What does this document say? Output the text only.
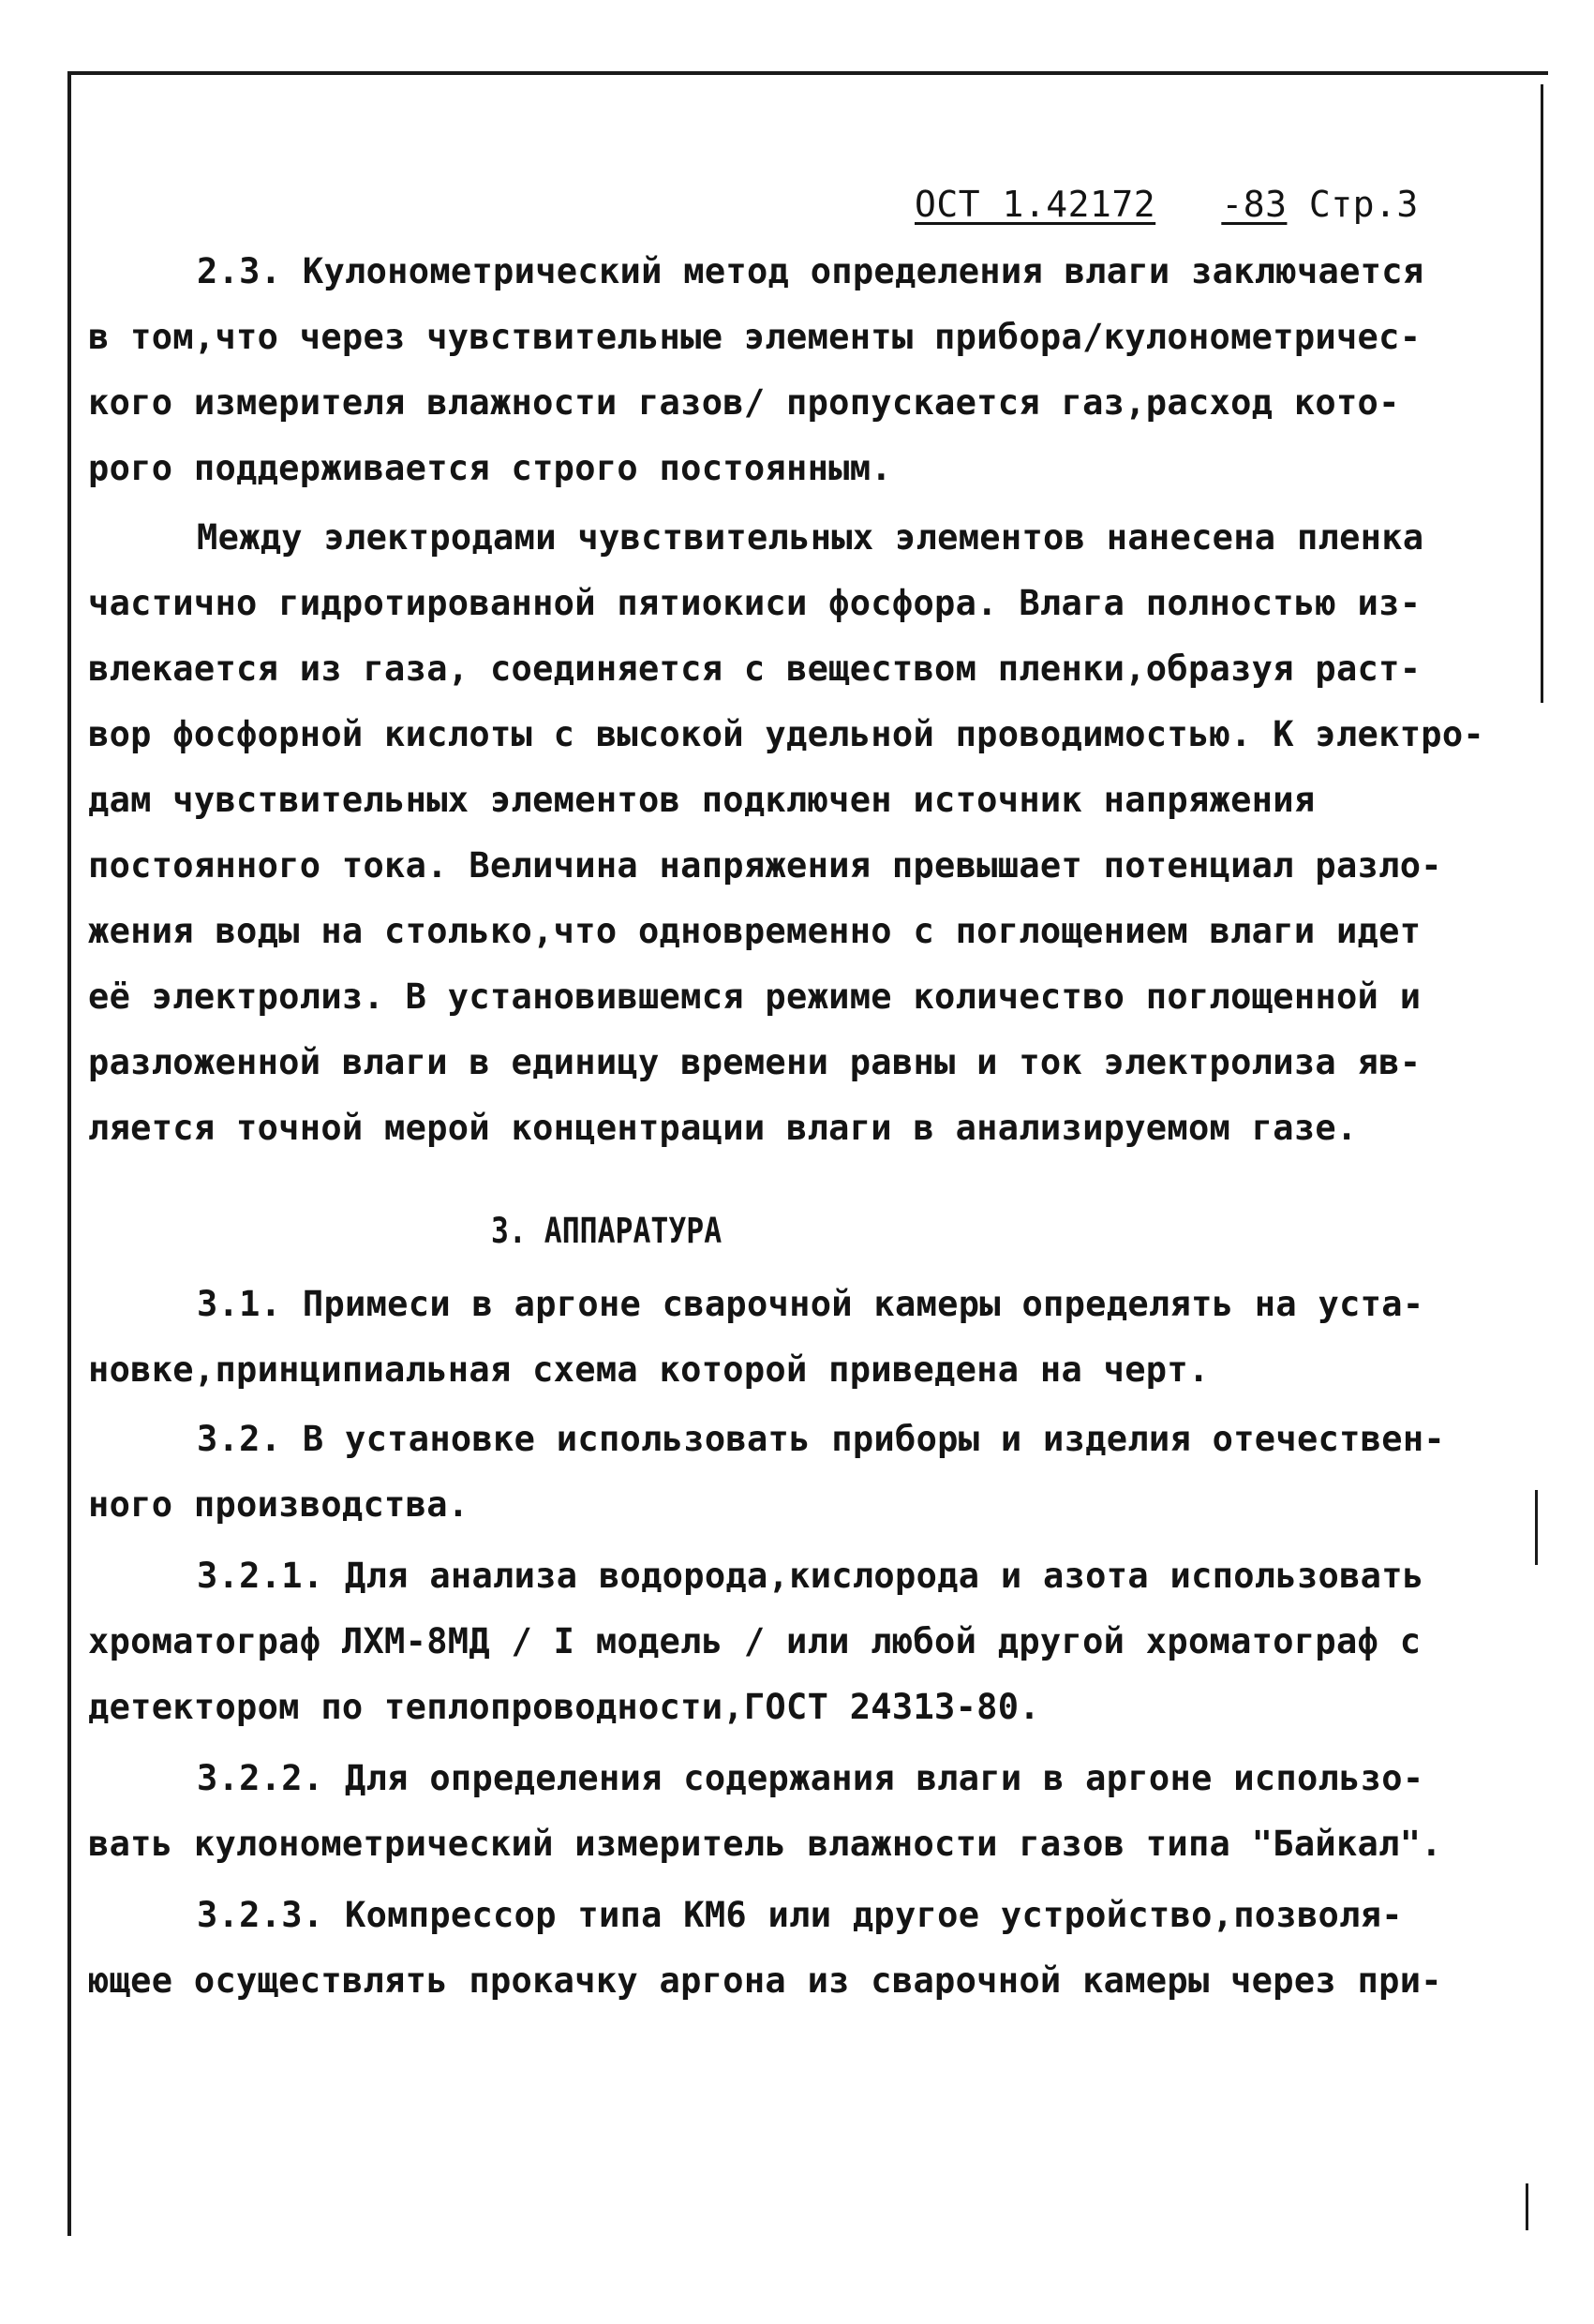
ОСТ 1.42172 -83 Стр.3
2.3. Кулонометрический метод определения влаги заключается
в том,что через чувствительные элементы прибора/кулонометричес-
кого измерителя влажности газов/ пропускается газ,расход кото-
рого поддерживается строго постоянным.
Между электродами чувствительных элементов нанесена пленка
частично гидротированной пятиокиси фосфора. Влага полностью из-
влекается из газа, соединяется с веществом пленки,образуя раст-
вор фосфорной кислоты с высокой удельной проводимостью. К электро-
дам чувствительных элементов подключен источник напряжения
постоянного тока. Величина напряжения превышает потенциал разло-
жения воды на столько,что одновременно с поглощением влаги идет
её электролиз. В установившемся режиме количество поглощенной и
разложенной влаги в единицу времени равны и ток электролиза яв-
ляется точной мерой концентрации влаги в анализируемом газе.
3. АППАРАТУРА
3.1. Примеси в аргоне сварочной камеры определять на уста-
новке,принципиальная схема которой приведена на черт.
3.2. В установке использовать приборы и изделия отечествен-
ного производства.
3.2.1. Для анализа водорода,кислорода и азота использовать
хроматограф ЛХМ-8МД / I модель / или любой другой хроматограф с
детектором по теплопроводности,ГОСТ 24313-80.
3.2.2. Для определения содержания влаги в аргоне использо-
вать кулонометрический измеритель влажности газов типа "Байкал".
3.2.3. Компрессор типа КМ6 или другое устройство,позволя-
ющее осуществлять прокачку аргона из сварочной камеры через при-
